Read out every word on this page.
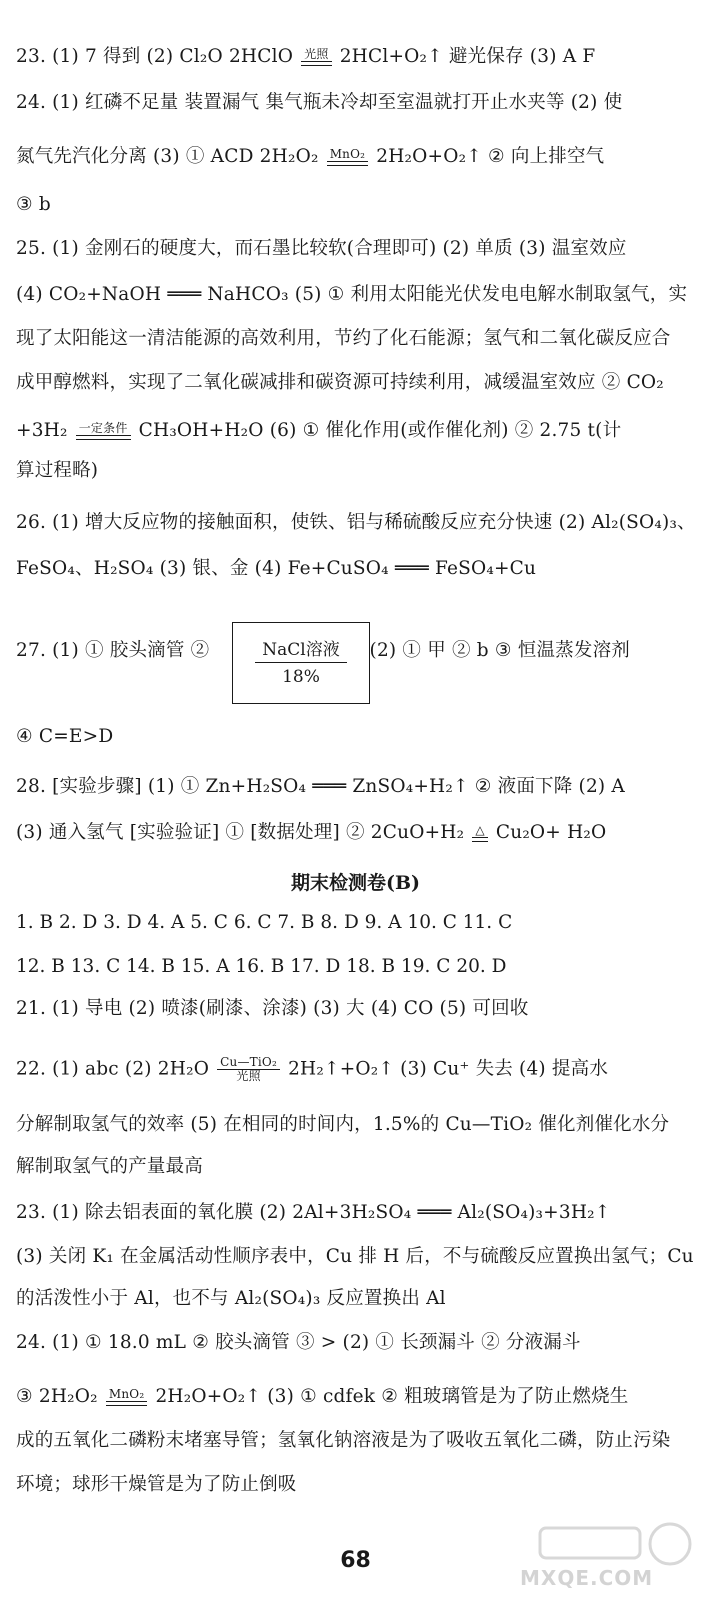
23. (1) 7 得到 (2) Cl₂O 2HClO 光照 2HCl+O₂↑ 避光保存 (3) A F
24. (1) 红磷不足量 装置漏气 集气瓶未冷却至室温就打开止水夹等 (2) 使
氮气先汽化分离 (3) ① ACD 2H₂O₂ MnO₂ 2H₂O+O₂↑ ② 向上排空气
③ b
25. (1) 金刚石的硬度大，而石墨比较软(合理即可) (2) 单质 (3) 温室效应
(4) CO₂+NaOH ═══ NaHCO₃ (5) ① 利用太阳能光伏发电电解水制取氢气，实
现了太阳能这一清洁能源的高效利用，节约了化石能源；氢气和二氧化碳反应合
成甲醇燃料，实现了二氧化碳减排和碳资源可持续利用，减缓温室效应 ② CO₂
+3H₂ 一定条件 CH₃OH+H₂O (6) ① 催化作用(或作催化剂) ② 2.75 t(计
算过程略)
26. (1) 增大反应物的接触面积，使铁、铝与稀硫酸反应充分快速 (2) Al₂(SO₄)₃、
FeSO₄、H₂SO₄ (3) 银、金 (4) Fe+CuSO₄ ═══ FeSO₄+Cu
27. (1) ① 胶头滴管 ②	(2) ① 甲 ② b ③ 恒温蒸发溶剂
NaCl溶液
18%
④ C=E>D
28. [实验步骤] (1) ① Zn+H₂SO₄ ═══ ZnSO₄+H₂↑ ② 液面下降 (2) A
(3) 通入氢气 [实验验证] ① [数据处理] ② 2CuO+H₂ △ Cu₂O+ H₂O
期末检测卷(B)
1. B 2. D 3. D 4. A 5. C 6. C 7. B 8. D 9. A 10. C 11. C
12. B 13. C 14. B 15. A 16. B 17. D 18. B 19. C 20. D
21. (1) 导电 (2) 喷漆(刷漆、涂漆) (3) 大 (4) CO (5) 可回收
22. (1) abc (2) 2H₂O Cu—TiO₂
光照	2H₂↑+O₂↑ (3) Cu⁺ 失去 (4) 提高水
分解制取氢气的效率 (5) 在相同的时间内，1.5%的 Cu—TiO₂ 催化剂催化水分
解制取氢气的产量最高
23. (1) 除去铝表面的氧化膜 (2) 2Al+3H₂SO₄ ═══ Al₂(SO₄)₃+3H₂↑
(3) 关闭 K₁ 在金属活动性顺序表中，Cu 排 H 后，不与硫酸反应置换出氢气；Cu
的活泼性小于 Al，也不与 Al₂(SO₄)₃ 反应置换出 Al
24. (1) ① 18.0 mL ② 胶头滴管 ③ > (2) ① 长颈漏斗 ② 分液漏斗
③ 2H₂O₂ MnO₂ 2H₂O+O₂↑ (3) ① cdfek ② 粗玻璃管是为了防止燃烧生
成的五氧化二磷粉末堵塞导管；氢氧化钠溶液是为了吸收五氧化二磷，防止污染
环境；球形干燥管是为了防止倒吸
68
MXQE.COM
